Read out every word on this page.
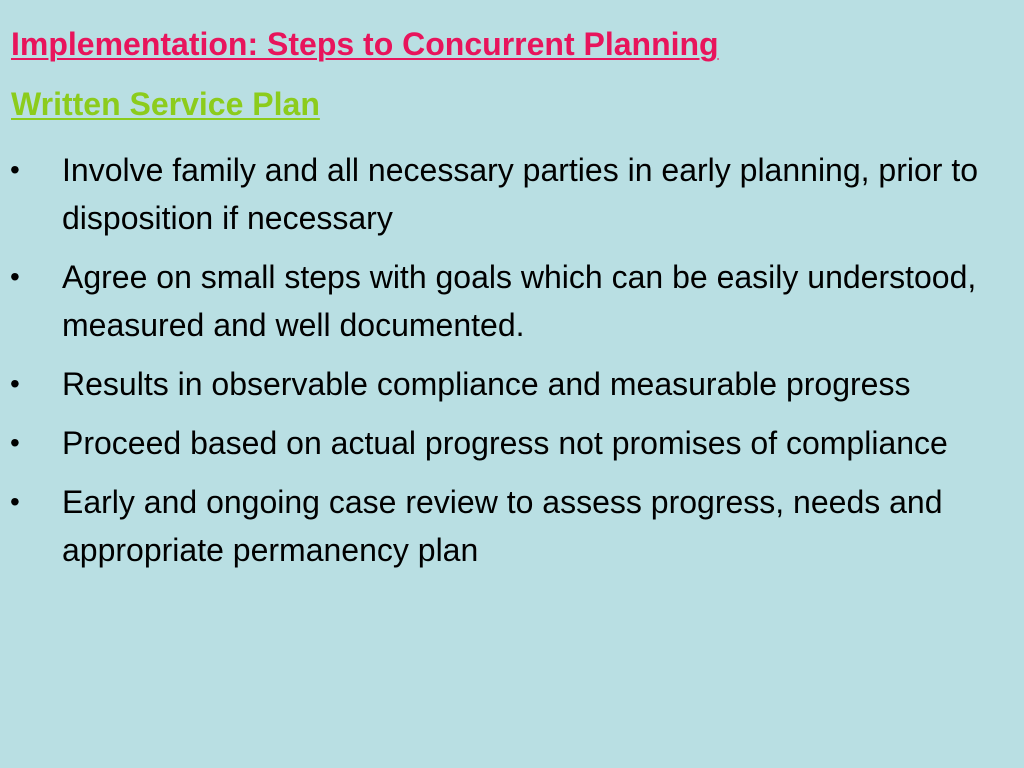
Implementation: Steps to Concurrent Planning
Written Service Plan
•	Involve family and all necessary parties in early planning, prior to disposition if necessary
•	Agree on small steps with goals which can be easily understood, measured and well documented.
•	Results in observable compliance and measurable progress
•	Proceed based on actual progress not promises of compliance
•	Early and ongoing case review to assess progress, needs and appropriate permanency plan
